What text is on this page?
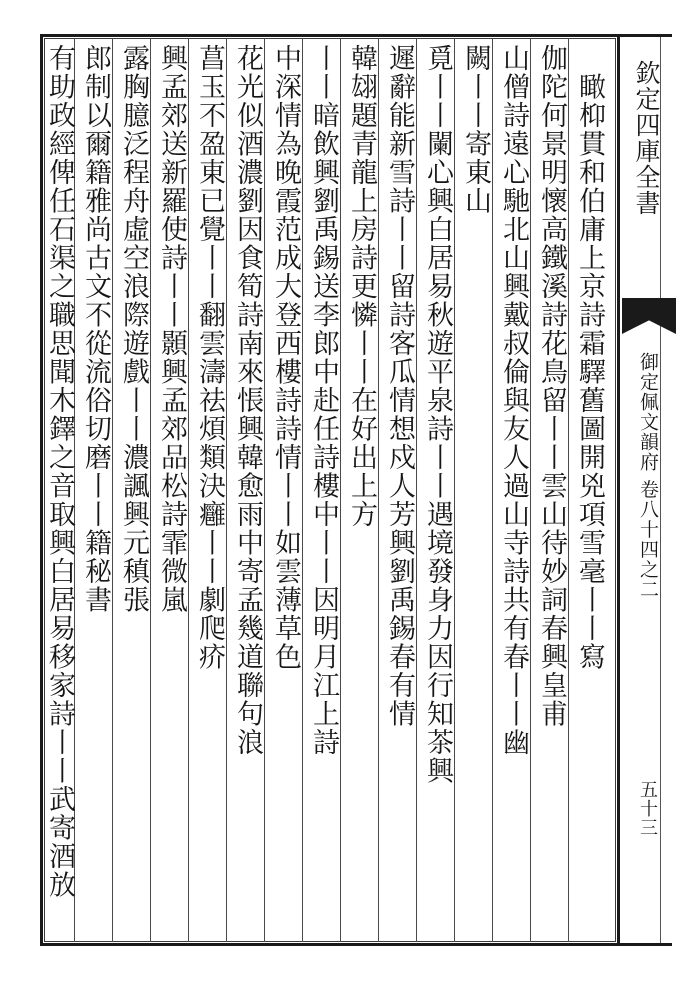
欽定四庫全書
御定佩文韻府 卷八十四之二
五十三
　瞰枊貫和伯庸上京詩霜驛舊圖開兇項雪毫丨丨寫
伽陀何景明懷高鐵溪詩花鳥留丨丨雲山待妙詞春興皇甫
山僧詩遠心馳北山興戴叔倫與友人過山寺詩共有春丨丨幽
闕丨丨寄東山
覓丨丨闌心興白居易秋遊平泉詩丨丨遇境發身力因行知茶興
遲辭能新雪詩丨丨留詩客瓜情想戍人芳興劉禹錫春有情
韓翃題青龍上房詩更憐丨丨在好出上方
丨丨暗飲興劉禹錫送李郎中赴任詩樓中丨丨因明月江上詩
中深情為晚霞范成大登西樓詩詩情丨丨如雲薄草色
花光似酒濃劉因食筍詩南來悵興韓愈雨中寄孟幾道聯句浪
菖玉不盈東已覺丨丨翻雲濤祛煩類決癰丨丨劇爬疥
興孟郊送新羅使詩丨丨顥興孟郊品松詩霏微嵐
露胸臆泛程舟虛空浪際遊戲丨丨濃諷興元稹張
郎制以爾籍雅尚古文不從流俗切磨丨丨籍秘書
有助政經俾任石渠之職思聞木鐸之音取興白居易移家詩丨丨武寄酒放
